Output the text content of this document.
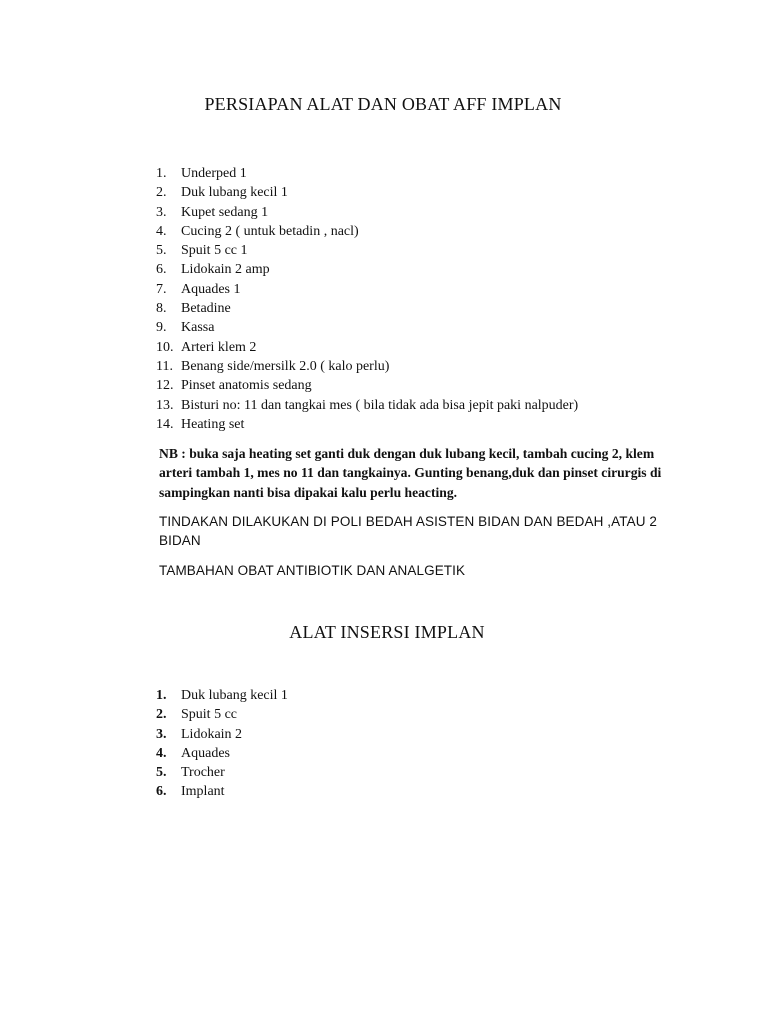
PERSIAPAN ALAT DAN OBAT AFF IMPLAN
1.	Underped 1
2.	Duk lubang kecil 1
3.	Kupet sedang 1
4.	Cucing 2 ( untuk betadin , nacl)
5.	Spuit 5 cc 1
6.	Lidokain 2 amp
7.	Aquades 1
8.	Betadine
9.	Kassa
10. Arteri klem 2
11. Benang side/mersilk 2.0 ( kalo perlu)
12. Pinset anatomis sedang
13. Bisturi no: 11 dan tangkai mes ( bila tidak ada bisa jepit paki nalpuder)
14. Heating set

NB : buka saja heating set ganti duk dengan duk lubang kecil, tambah cucing 2, klem arteri tambah 1, mes no 11 dan tangkainya. Gunting benang,duk dan pinset cirurgis di sampingkan nanti bisa dipakai kalu perlu heacting.

TINDAKAN DILAKUKAN DI POLI BEDAH ASISTEN BIDAN DAN BEDAH ,ATAU 2 BIDAN

TAMBAHAN OBAT ANTIBIOTIK DAN ANALGETIK

ALAT INSERSI IMPLAN
1.	Duk lubang kecil 1
2.	Spuit 5 cc
3.	Lidokain 2
4.	Aquades
5.	Trocher
6.	Implant
